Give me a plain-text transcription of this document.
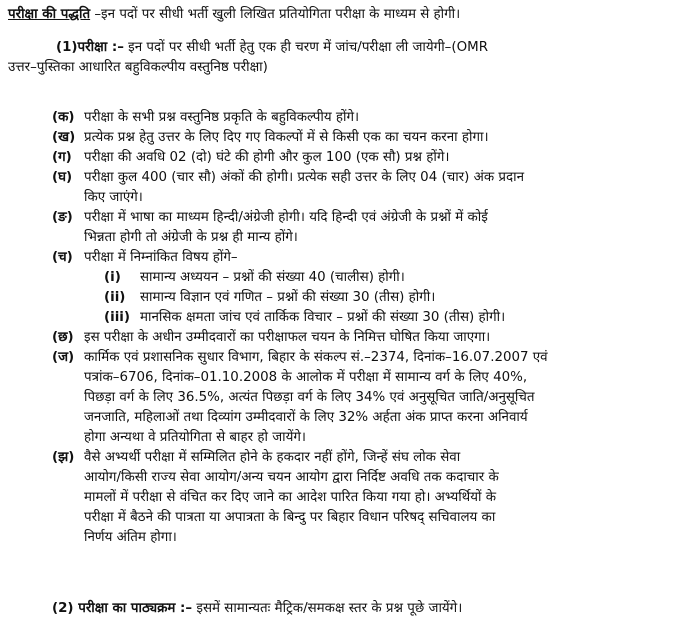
परीक्षा की पद्धति –इन पदों पर सीधी भर्ती खुली लिखित प्रतियोगिता परीक्षा के माध्यम से होगी।
(1)परीक्षा :– इन पदों पर सीधी भर्ती हेतु एक ही चरण में जांच/परीक्षा ली जायेगी–(OMR
उत्तर–पुस्तिका आधारित बहुविकल्पीय वस्तुनिष्ठ परीक्षा)
(क) परीक्षा के सभी प्रश्न वस्तुनिष्ठ प्रकृति के बहुविकल्पीय होंगे।
(ख) प्रत्येक प्रश्न हेतु उत्तर के लिए दिए गए विकल्पों में से किसी एक का चयन करना होगा।
(ग) परीक्षा की अवधि 02 (दो) घंटे की होगी और कुल 100 (एक सौ) प्रश्न होंगे।
(घ) परीक्षा कुल 400 (चार सौ) अंकों की होगी। प्रत्येक सही उत्तर के लिए 04 (चार) अंक प्रदान
किए जाएंगे।
(ङ) परीक्षा में भाषा का माध्यम हिन्दी/अंग्रेजी होगी। यदि हिन्दी एवं अंग्रेजी के प्रश्नों में कोई
भिन्नता होगी तो अंग्रेजी के प्रश्न ही मान्य होंगे।
(च) परीक्षा में निम्नांकित विषय होंगे–
(i) सामान्य अध्ययन – प्रश्नों की संख्या 40 (चालीस) होगी।
(ii) सामान्य विज्ञान एवं गणित – प्रश्नों की संख्या 30 (तीस) होगी।
(iii) मानसिक क्षमता जांच एवं तार्किक विचार – प्रश्नों की संख्या 30 (तीस) होगी।
(छ) इस परीक्षा के अधीन उम्मीदवारों का परीक्षाफल चयन के निमित्त घोषित किया जाएगा।
(ज) कार्मिक एवं प्रशासनिक सुधार विभाग, बिहार के संकल्प सं.–2374, दिनांक–16.07.2007 एवं
पत्रांक–6706, दिनांक–01.10.2008 के आलोक में परीक्षा में सामान्य वर्ग के लिए 40%,
पिछड़ा वर्ग के लिए 36.5%, अत्यंत पिछड़ा वर्ग के लिए 34% एवं अनुसूचित जाति/अनुसूचित
जनजाति, महिलाओं तथा दिव्यांग उम्मीदवारों के लिए 32% अर्हता अंक प्राप्त करना अनिवार्य
होगा अन्यथा वे प्रतियोगिता से बाहर हो जायेंगे।
(झ) वैसे अभ्यर्थी परीक्षा में सम्मिलित होने के हकदार नहीं होंगे, जिन्हें संघ लोक सेवा
आयोग/किसी राज्य सेवा आयोग/अन्य चयन आयोग द्वारा निर्दिष्ट अवधि तक कदाचार के
मामलों में परीक्षा से वंचित कर दिए जाने का आदेश पारित किया गया हो। अभ्यर्थियों के
परीक्षा में बैठने की पात्रता या अपात्रता के बिन्दु पर बिहार विधान परिषद् सचिवालय का
निर्णय अंतिम होगा।
(2) परीक्षा का पाठ्यक्रम :– इसमें सामान्यतः मैट्रिक/समकक्ष स्तर के प्रश्न पूछे जायेंगे।
